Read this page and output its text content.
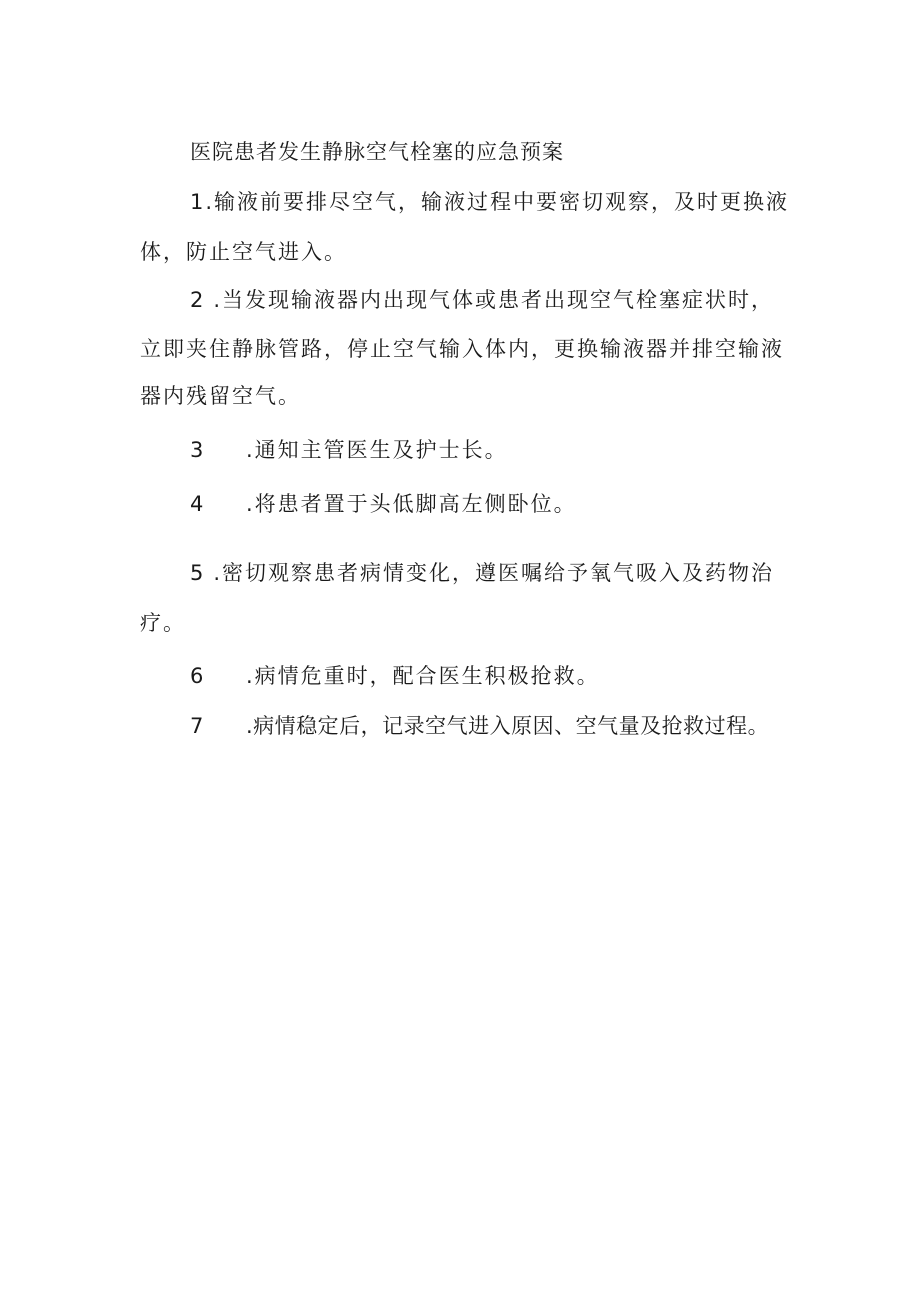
医院患者发生静脉空气栓塞的应急预案
1.输液前要排尽空气，输液过程中要密切观察，及时更换液
体，防止空气进入。
2 .当发现输液器内出现气体或患者出现空气栓塞症状时，
立即夹住静脉管路，停止空气输入体内，更换输液器并排空输液
器内残留空气。
3 .通知主管医生及护士长。
4 .将患者置于头低脚高左侧卧位。
5 .密切观察患者病情变化，遵医嘱给予氧气吸入及药物治
疗。
6 .病情危重时，配合医生积极抢救。
7 .病情稳定后，记录空气进入原因、空气量及抢救过程。
